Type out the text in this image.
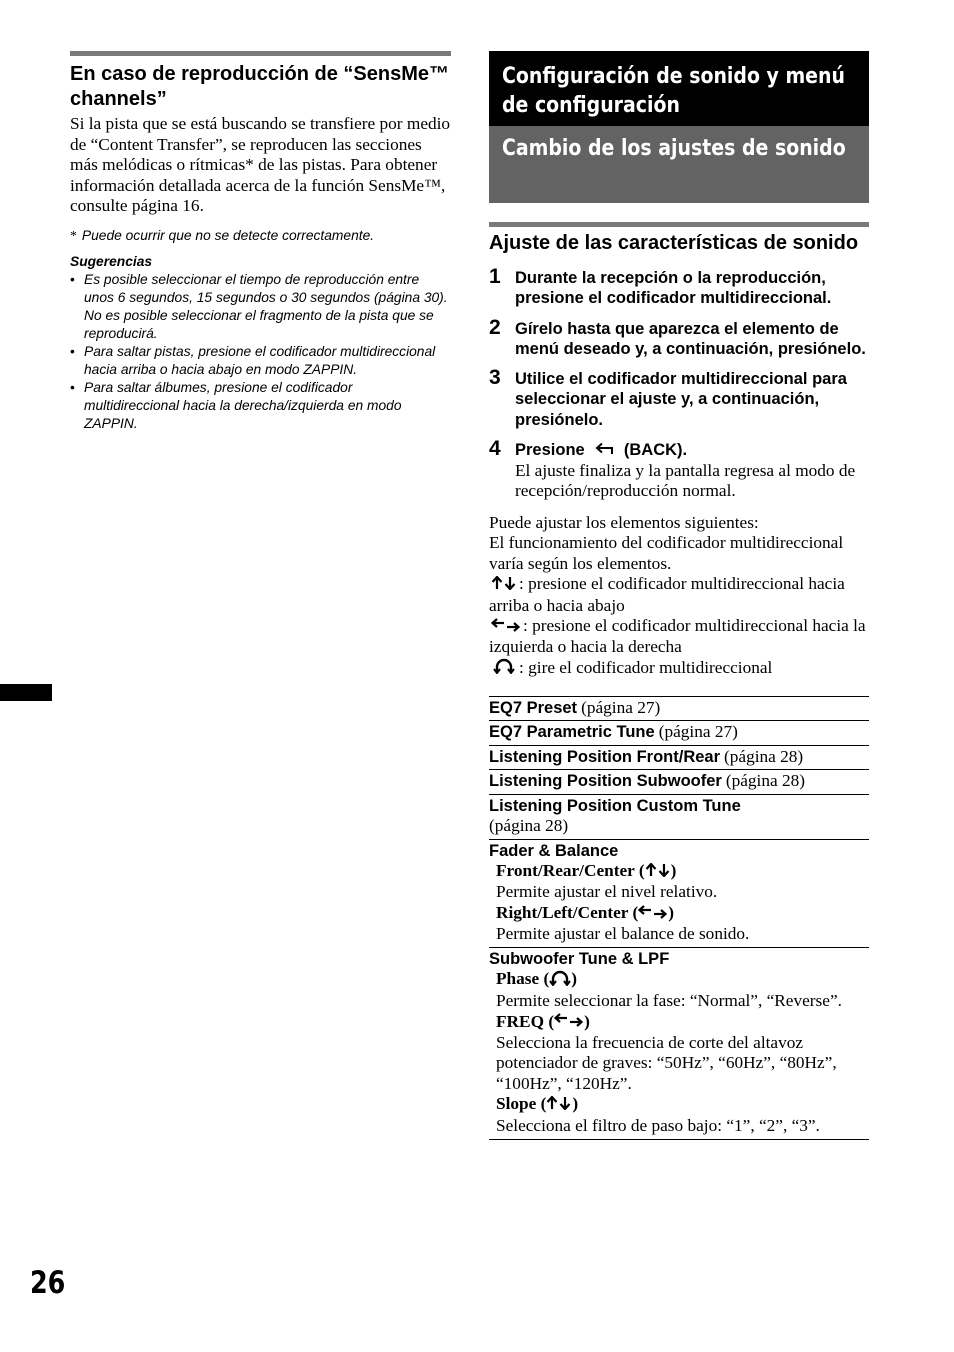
En caso de reproducción de “SensMe™ channels”
Si la pista que se está buscando se transfiere por medio de “Content Transfer”, se reproducen las secciones más melódicas o rítmicas* de las pistas. Para obtener información detallada acerca de la función SensMe™, consulte página 16.
* Puede ocurrir que no se detecte correctamente.
Sugerencias
• Es posible seleccionar el tiempo de reproducción entre unos 6 segundos, 15 segundos o 30 segundos (página 30). No es posible seleccionar el fragmento de la pista que se reproducirá.
• Para saltar pistas, presione el codificador multidireccional hacia arriba o hacia abajo en modo ZAPPIN.
• Para saltar álbumes, presione el codificador multidireccional hacia la derecha/izquierda en modo ZAPPIN.
Configuración de sonido y menú de configuración
Cambio de los ajustes de sonido
Ajuste de las características de sonido
1 Durante la recepción o la reproducción, presione el codificador multidireccional.
2 Gírelo hasta que aparezca el elemento de menú deseado y, a continuación, presiónelo.
3 Utilice el codificador multidireccional para seleccionar el ajuste y, a continuación, presiónelo.
4 Presione (BACK).
El ajuste finaliza y la pantalla regresa al modo de recepción/reproducción normal.
Puede ajustar los elementos siguientes:
El funcionamiento del codificador multidireccional varía según los elementos.
: presione el codificador multidireccional hacia arriba o hacia abajo
: presione el codificador multidireccional hacia la izquierda o hacia la derecha
: gire el codificador multidireccional
EQ7 Preset (página 27)
EQ7 Parametric Tune (página 27)
Listening Position Front/Rear (página 28)
Listening Position Subwoofer (página 28)

Listening Position Custom Tune
(página 28)

Fader & Balance
Front/Rear/Center ( )
Permite ajustar el nivel relativo.
Right/Left/Center ( )
Permite ajustar el balance de sonido.

Subwoofer Tune & LPF
Phase ( )
Permite seleccionar la fase: “Normal”, “Reverse”.
FREQ ( )
Selecciona la frecuencia de corte del altavoz potenciador de graves: “50Hz”, “60Hz”, “80Hz”, “100Hz”, “120Hz”.
Slope ( )
Selecciona el filtro de paso bajo: “1”, “2”, “3”.
26
